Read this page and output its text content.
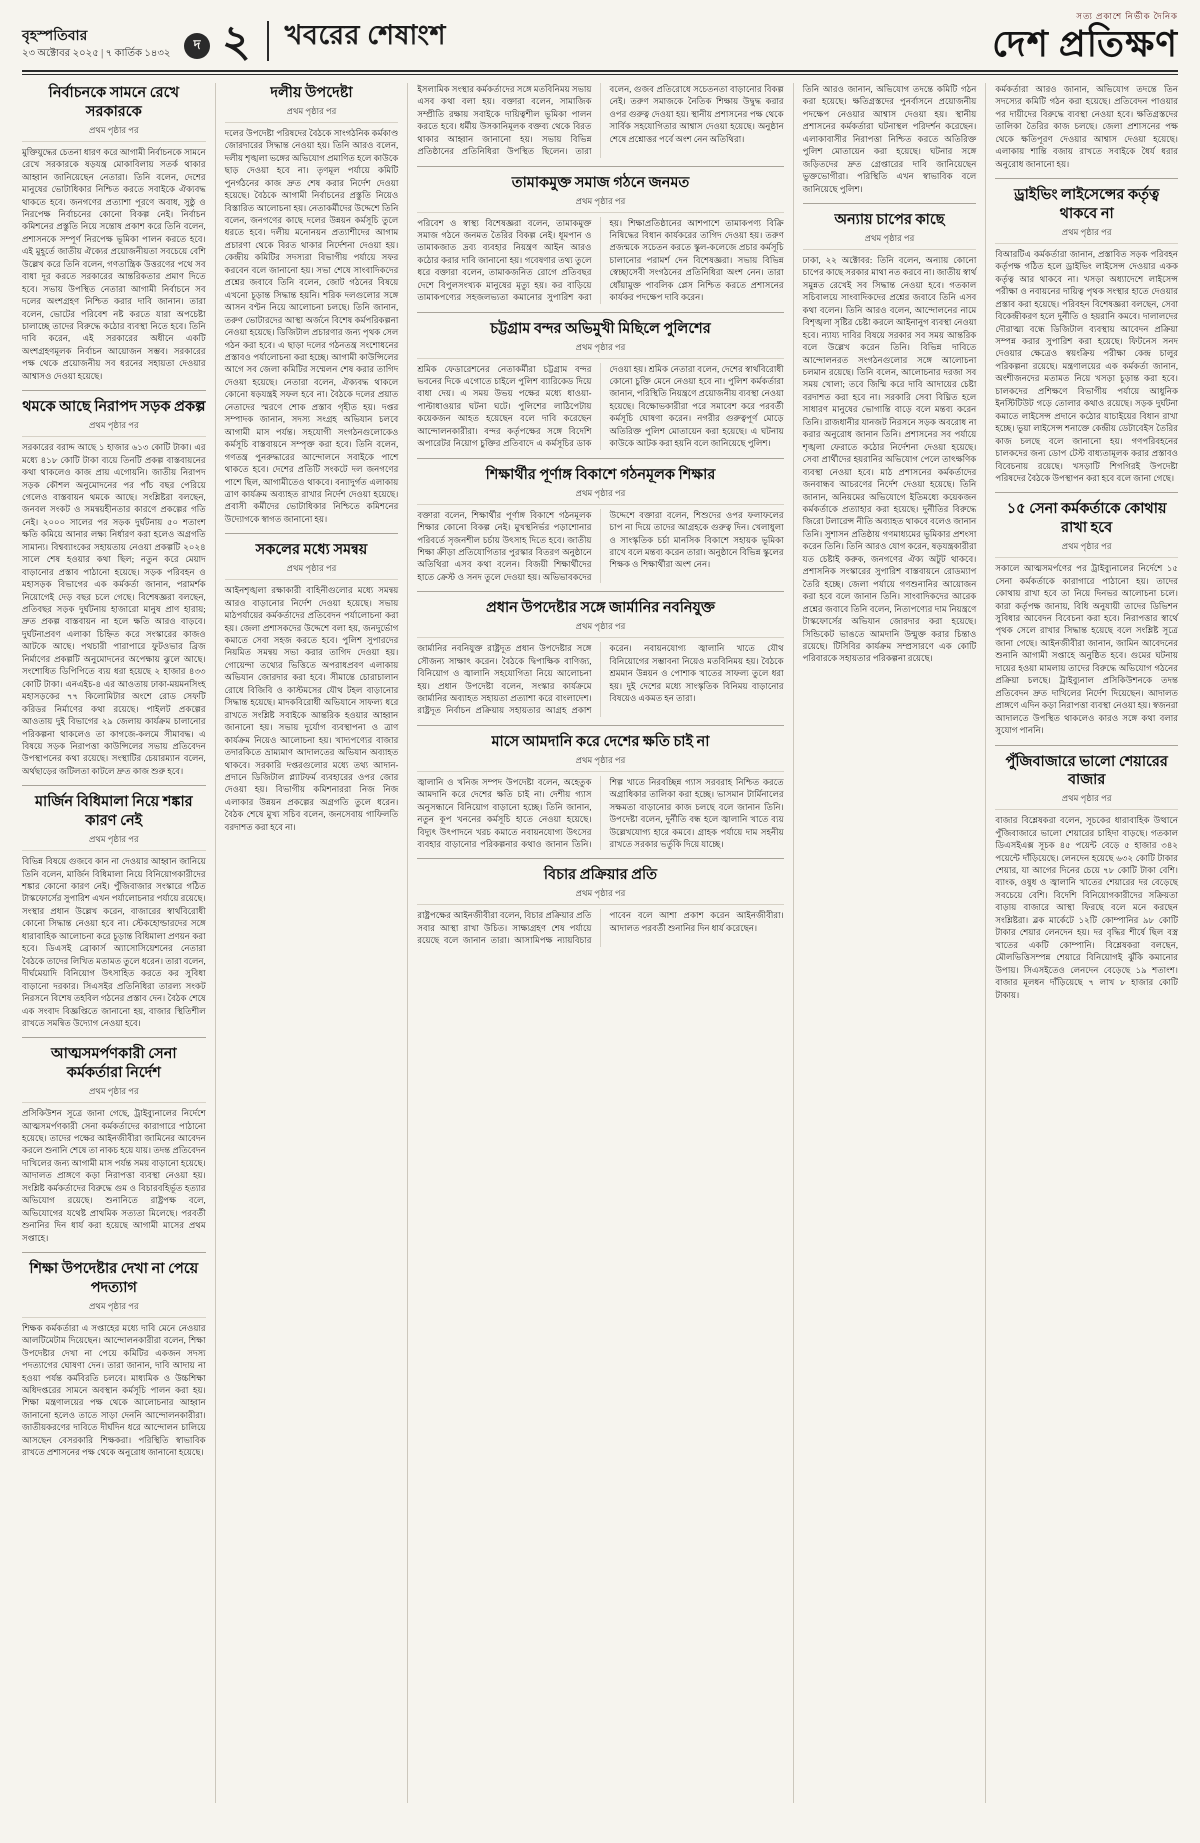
বৃহস্পতিবার
২৩ অক্টোবর ২০২৫ | ৭ কার্তিক ১৪৩২
দ ২ খবরের শেষাংশ
সত্য প্রকাশে নির্ভীক দৈনিক
দেশ প্রতিক্ষণ
নির্বাচনকে সামনে রেখে সরকারকে
প্রথম পৃষ্ঠার পর

মুক্তিযুদ্ধের চেতনা ধারণ করে আগামী নির্বাচনকে সামনে রেখে সরকারকে ষড়যন্ত্র মোকাবিলায় সতর্ক থাকার আহ্বান জানিয়েছেন নেতারা। তিনি বলেন, দেশের মানুষের ভোটাধিকার নিশ্চিত করতে সবাইকে ঐক্যবদ্ধ থাকতে হবে। জনগণের প্রত্যাশা পূরণে অবাধ, সুষ্ঠু ও নিরপেক্ষ নির্বাচনের কোনো বিকল্প নেই। নির্বাচন কমিশনের প্রস্তুতি নিয়ে সন্তোষ প্রকাশ করে তিনি বলেন, প্রশাসনকে সম্পূর্ণ নিরপেক্ষ ভূমিকা পালন করতে হবে। এই মুহূর্তে জাতীয় ঐক্যের প্রয়োজনীয়তা সবচেয়ে বেশি উল্লেখ করে তিনি বলেন, গণতান্ত্রিক উত্তরণের পথে সব বাধা দূর করতে সরকারের আন্তরিকতার প্রমাণ দিতে হবে। সভায় উপস্থিত নেতারা আগামী নির্বাচনে সব দলের অংশগ্রহণ নিশ্চিত করার দাবি জানান। তারা বলেন, ভোটের পরিবেশ নষ্ট করতে যারা অপচেষ্টা চালাচ্ছে তাদের বিরুদ্ধে কঠোর ব্যবস্থা নিতে হবে। তিনি দাবি করেন, এই সরকারের অধীনে একটি অংশগ্রহণমূলক নির্বাচন আয়োজন সম্ভব। সরকারের পক্ষ থেকে প্রয়োজনীয় সব ধরনের সহায়তা দেওয়ার আশ্বাসও দেওয়া হয়েছে।

থমকে আছে নিরাপদ সড়ক প্রকল্প
প্রথম পৃষ্ঠার পর

সরকারের বরাদ্দ আছে ১ হাজার ৬১৩ কোটি টাকা। এর মধ্যে ৪১৮ কোটি টাকা ব্যয়ে তিনটি প্রকল্প বাস্তবায়নের কথা থাকলেও কাজ প্রায় এগোয়নি। জাতীয় নিরাপদ সড়ক কৌশল অনুমোদনের পর পাঁচ বছর পেরিয়ে গেলেও বাস্তবায়ন থমকে আছে। সংশ্লিষ্টরা বলছেন, জনবল সংকট ও সমন্বয়হীনতার কারণে প্রকল্পের গতি নেই। ২০০০ সালের পর সড়ক দুর্ঘটনায় ৫০ শতাংশ ক্ষতি কমিয়ে আনার লক্ষ্য নির্ধারণ করা হলেও অগ্রগতি সামান্য। বিশ্বব্যাংকের সহায়তায় নেওয়া প্রকল্পটি ২০২৪ সালে শেষ হওয়ার কথা ছিল; নতুন করে মেয়াদ বাড়ানোর প্রস্তাব পাঠানো হয়েছে। সড়ক পরিবহন ও মহাসড়ক বিভাগের এক কর্মকর্তা জানান, পরামর্শক নিয়োগেই দেড় বছর চলে গেছে। বিশেষজ্ঞরা বলছেন, প্রতিবছর সড়ক দুর্ঘটনায় হাজারো মানুষ প্রাণ হারায়; দ্রুত প্রকল্প বাস্তবায়ন না হলে ক্ষতি আরও বাড়বে। দুর্ঘটনাপ্রবণ এলাকা চিহ্নিত করে সংস্কারের কাজও আটকে আছে। পথচারী পারাপারে ফুটওভার ব্রিজ নির্মাণের প্রকল্পটি অনুমোদনের অপেক্ষায় ঝুলে আছে। সংশোধিত ডিপিপিতে ব্যয় ধরা হয়েছে ২ হাজার ৪৩৩ কোটি টাকা। এনএইচ-৪ এর আওতায় ঢাকা-ময়মনসিংহ মহাসড়কের ৭৭ কিলোমিটার অংশে রোড সেফটি করিডর নির্মাণের কথা রয়েছে। পাইলট প্রকল্পের আওতায় দুই বিভাগের ২৯ জেলায় কার্যক্রম চালানোর পরিকল্পনা থাকলেও তা কাগজে-কলমে সীমাবদ্ধ। এ বিষয়ে সড়ক নিরাপত্তা কাউন্সিলের সভায় প্রতিবেদন উপস্থাপনের কথা রয়েছে। সংস্থাটির চেয়ারম্যান বলেন, অর্থছাড়ের জটিলতা কাটলে দ্রুত কাজ শুরু হবে।

মার্জিন বিধিমালা নিয়ে শঙ্কার কারণ নেই
প্রথম পৃষ্ঠার পর

বিভিন্ন বিষয়ে গুজবে কান না দেওয়ার আহ্বান জানিয়ে তিনি বলেন, মার্জিন বিধিমালা নিয়ে বিনিয়োগকারীদের শঙ্কার কোনো কারণ নেই। পুঁজিবাজার সংস্কারে গঠিত টাস্কফোর্সের সুপারিশ এখন পর্যালোচনার পর্যায়ে রয়েছে। সংস্থার প্রধান উল্লেখ করেন, বাজারের স্বার্থবিরোধী কোনো সিদ্ধান্ত নেওয়া হবে না। স্টেকহোল্ডারদের সঙ্গে ধারাবাহিক আলোচনা করে চূড়ান্ত বিধিমালা প্রণয়ন করা হবে। ডিএসই ব্রোকার্স অ্যাসোসিয়েশনের নেতারা বৈঠকে তাদের লিখিত মতামত তুলে ধরেন। তারা বলেন, দীর্ঘমেয়াদি বিনিয়োগ উৎসাহিত করতে কর সুবিধা বাড়ানো দরকার। সিএসইর প্রতিনিধিরা তারল্য সংকট নিরসনে বিশেষ তহবিল গঠনের প্রস্তাব দেন। বৈঠক শেষে এক সংবাদ বিজ্ঞপ্তিতে জানানো হয়, বাজার স্থিতিশীল রাখতে সমন্বিত উদ্যোগ নেওয়া হবে।

আত্মসমর্পণকারী সেনা কর্মকর্তারা নির্দেশ
প্রথম পৃষ্ঠার পর

প্রসিকিউশন সূত্রে জানা গেছে, ট্রাইব্যুনালের নির্দেশে আত্মসমর্পণকারী সেনা কর্মকর্তাদের কারাগারে পাঠানো হয়েছে। তাদের পক্ষের আইনজীবীরা জামিনের আবেদন করলে শুনানি শেষে তা নাকচ হয়ে যায়। তদন্ত প্রতিবেদন দাখিলের জন্য আগামী মাস পর্যন্ত সময় বাড়ানো হয়েছে। আদালত প্রাঙ্গণে কড়া নিরাপত্তা ব্যবস্থা নেওয়া হয়। সংশ্লিষ্ট কর্মকর্তাদের বিরুদ্ধে গুম ও বিচারবহির্ভূত হত্যার অভিযোগ রয়েছে। শুনানিতে রাষ্ট্রপক্ষ বলে, অভিযোগের যথেষ্ট প্রাথমিক সত্যতা মিলেছে। পরবর্তী শুনানির দিন ধার্য করা হয়েছে আগামী মাসের প্রথম সপ্তাহে।

শিক্ষা উপদেষ্টার দেখা না পেয়ে পদত্যাগ
প্রথম পৃষ্ঠার পর

শিক্ষক কর্মকর্তারা এ সপ্তাহের মধ্যে দাবি মেনে নেওয়ার আলটিমেটাম দিয়েছেন। আন্দোলনকারীরা বলেন, শিক্ষা উপদেষ্টার দেখা না পেয়ে কমিটির একজন সদস্য পদত্যাগের ঘোষণা দেন। তারা জানান, দাবি আদায় না হওয়া পর্যন্ত কর্মবিরতি চলবে। মাধ্যমিক ও উচ্চশিক্ষা অধিদপ্তরের সামনে অবস্থান কর্মসূচি পালন করা হয়। শিক্ষা মন্ত্রণালয়ের পক্ষ থেকে আলোচনার আহ্বান জানানো হলেও তাতে সাড়া দেননি আন্দোলনকারীরা। জাতীয়করণের দাবিতে দীর্ঘদিন ধরে আন্দোলন চালিয়ে আসছেন বেসরকারি শিক্ষকরা। পরিস্থিতি স্বাভাবিক রাখতে প্রশাসনের পক্ষ থেকে অনুরোধ জানানো হয়েছে।

দলীয় উপদেষ্টা
প্রথম পৃষ্ঠার পর

দলের উপদেষ্টা পরিষদের বৈঠকে সাংগঠনিক কর্মকাণ্ড জোরদারের সিদ্ধান্ত নেওয়া হয়। তিনি আরও বলেন, দলীয় শৃঙ্খলা ভঙ্গের অভিযোগ প্রমাণিত হলে কাউকে ছাড় দেওয়া হবে না। তৃণমূল পর্যায়ে কমিটি পুনর্গঠনের কাজ দ্রুত শেষ করার নির্দেশ দেওয়া হয়েছে। বৈঠকে আগামী নির্বাচনের প্রস্তুতি নিয়েও বিস্তারিত আলোচনা হয়। নেতাকর্মীদের উদ্দেশে তিনি বলেন, জনগণের কাছে দলের উন্নয়ন কর্মসূচি তুলে ধরতে হবে। দলীয় মনোনয়ন প্রত্যাশীদের আগাম প্রচারণা থেকে বিরত থাকার নির্দেশনা দেওয়া হয়। কেন্দ্রীয় কমিটির সদস্যরা বিভাগীয় পর্যায়ে সফর করবেন বলে জানানো হয়। সভা শেষে সাংবাদিকদের প্রশ্নের জবাবে তিনি বলেন, জোট গঠনের বিষয়ে এখনো চূড়ান্ত সিদ্ধান্ত হয়নি। শরিক দলগুলোর সঙ্গে আসন বণ্টন নিয়ে আলোচনা চলছে। তিনি জানান, তরুণ ভোটারদের আস্থা অর্জনে বিশেষ কর্মপরিকল্পনা নেওয়া হয়েছে। ডিজিটাল প্রচারণার জন্য পৃথক সেল গঠন করা হবে। এ ছাড়া দলের গঠনতন্ত্র সংশোধনের প্রস্তাবও পর্যালোচনা করা হচ্ছে। আগামী কাউন্সিলের আগে সব জেলা কমিটির সম্মেলন শেষ করার তাগিদ দেওয়া হয়েছে। নেতারা বলেন, ঐক্যবদ্ধ থাকলে কোনো ষড়যন্ত্রই সফল হবে না। বৈঠকে দলের প্রয়াত নেতাদের স্মরণে শোক প্রস্তাব গৃহীত হয়। দপ্তর সম্পাদক জানান, সদস্য সংগ্রহ অভিযান চলবে আগামী মাস পর্যন্ত। সহযোগী সংগঠনগুলোকেও কর্মসূচি বাস্তবায়নে সম্পৃক্ত করা হবে। তিনি বলেন, গণতন্ত্র পুনরুদ্ধারের আন্দোলনে সবাইকে পাশে থাকতে হবে। দেশের প্রতিটি সংকটে দল জনগণের পাশে ছিল, আগামীতেও থাকবে। বন্যাদুর্গত এলাকায় ত্রাণ কার্যক্রম অব্যাহত রাখার নির্দেশ দেওয়া হয়েছে। প্রবাসী কর্মীদের ভোটাধিকার নিশ্চিতে কমিশনের উদ্যোগকে স্বাগত জানানো হয়।

সকলের মধ্যে সমন্বয়
প্রথম পৃষ্ঠার পর

আইনশৃঙ্খলা রক্ষাকারী বাহিনীগুলোর মধ্যে সমন্বয় আরও বাড়ানোর নির্দেশ দেওয়া হয়েছে। সভায় মাঠপর্যায়ের কর্মকর্তাদের প্রতিবেদন পর্যালোচনা করা হয়। জেলা প্রশাসকদের উদ্দেশে বলা হয়, জনদুর্ভোগ কমাতে সেবা সহজ করতে হবে। পুলিশ সুপারদের নিয়মিত সমন্বয় সভা করার তাগিদ দেওয়া হয়। গোয়েন্দা তথ্যের ভিত্তিতে অপরাধপ্রবণ এলাকায় অভিযান জোরদার করা হবে। সীমান্তে চোরাচালান রোধে বিজিবি ও কাস্টমসের যৌথ টহল বাড়ানোর সিদ্ধান্ত হয়েছে। মাদকবিরোধী অভিযানে সাফল্য ধরে রাখতে সংশ্লিষ্ট সবাইকে আন্তরিক হওয়ার আহ্বান জানানো হয়। সভায় দুর্যোগ ব্যবস্থাপনা ও ত্রাণ কার্যক্রম নিয়েও আলোচনা হয়। খাদ্যপণ্যের বাজার তদারকিতে ভ্রাম্যমাণ আদালতের অভিযান অব্যাহত থাকবে। সরকারি দপ্তরগুলোর মধ্যে তথ্য আদান-প্রদানে ডিজিটাল প্ল্যাটফর্ম ব্যবহারের ওপর জোর দেওয়া হয়। বিভাগীয় কমিশনাররা নিজ নিজ এলাকার উন্নয়ন প্রকল্পের অগ্রগতি তুলে ধরেন। বৈঠক শেষে মুখ্য সচিব বলেন, জনসেবায় গাফিলতি বরদাশত করা হবে না।

ইসলামিক সংস্থার কর্মকর্তাদের সঙ্গে মতবিনিময় সভায় এসব কথা বলা হয়। বক্তারা বলেন, সামাজিক সম্প্রীতি রক্ষায় সবাইকে দায়িত্বশীল ভূমিকা পালন করতে হবে। ধর্মীয় উসকানিমূলক বক্তব্য থেকে বিরত থাকার আহ্বান জানানো হয়। সভায় বিভিন্ন প্রতিষ্ঠানের প্রতিনিধিরা উপস্থিত ছিলেন। তারা বলেন, গুজব প্রতিরোধে সচেতনতা বাড়ানোর বিকল্প নেই। তরুণ সমাজকে নৈতিক শিক্ষায় উদ্বুদ্ধ করার ওপর গুরুত্ব দেওয়া হয়। স্থানীয় প্রশাসনের পক্ষ থেকে সার্বিক সহযোগিতার আশ্বাস দেওয়া হয়েছে। অনুষ্ঠান শেষে প্রশ্নোত্তর পর্বে অংশ নেন অতিথিরা।

তামাকমুক্ত সমাজ গঠনে জনমত
প্রথম পৃষ্ঠার পর

পরিবেশ ও স্বাস্থ্য বিশেষজ্ঞরা বলেন, তামাকমুক্ত সমাজ গঠনে জনমত তৈরির বিকল্প নেই। ধূমপান ও তামাকজাত দ্রব্য ব্যবহার নিয়ন্ত্রণ আইন আরও কঠোর করার দাবি জানানো হয়। গবেষণার তথ্য তুলে ধরে বক্তারা বলেন, তামাকজনিত রোগে প্রতিবছর দেশে বিপুলসংখ্যক মানুষের মৃত্যু হয়। কর বাড়িয়ে তামাকপণ্যের সহজলভ্যতা কমানোর সুপারিশ করা হয়। শিক্ষাপ্রতিষ্ঠানের আশপাশে তামাকপণ্য বিক্রি নিষিদ্ধের বিধান কার্যকরের তাগিদ দেওয়া হয়। তরুণ প্রজন্মকে সচেতন করতে স্কুল-কলেজে প্রচার কর্মসূচি চালানোর পরামর্শ দেন বিশেষজ্ঞরা। সভায় বিভিন্ন স্বেচ্ছাসেবী সংগঠনের প্রতিনিধিরা অংশ নেন। তারা ধোঁয়ামুক্ত পাবলিক প্লেস নিশ্চিত করতে প্রশাসনের কার্যকর পদক্ষেপ দাবি করেন।

চট্টগ্রাম বন্দর অভিমুখী মিছিলে পুলিশের
প্রথম পৃষ্ঠার পর

শ্রমিক ফেডারেশনের নেতাকর্মীরা চট্টগ্রাম বন্দর ভবনের দিকে এগোতে চাইলে পুলিশ ব্যারিকেড দিয়ে বাধা দেয়। এ সময় উভয় পক্ষের মধ্যে ধাওয়া-পাল্টাধাওয়ার ঘটনা ঘটে। পুলিশের লাঠিপেটায় কয়েকজন আহত হয়েছেন বলে দাবি করেছেন আন্দোলনকারীরা। বন্দর কর্তৃপক্ষের সঙ্গে বিদেশি অপারেটর নিয়োগ চুক্তির প্রতিবাদে এ কর্মসূচির ডাক দেওয়া হয়। শ্রমিক নেতারা বলেন, দেশের স্বার্থবিরোধী কোনো চুক্তি মেনে নেওয়া হবে না। পুলিশ কর্মকর্তারা জানান, পরিস্থিতি নিয়ন্ত্রণে প্রয়োজনীয় ব্যবস্থা নেওয়া হয়েছে। বিক্ষোভকারীরা পরে সমাবেশ করে পরবর্তী কর্মসূচি ঘোষণা করেন। নগরীর গুরুত্বপূর্ণ মোড়ে অতিরিক্ত পুলিশ মোতায়েন করা হয়েছে। এ ঘটনায় কাউকে আটক করা হয়নি বলে জানিয়েছে পুলিশ।

শিক্ষার্থীর পূর্ণাঙ্গ বিকাশে গঠনমূলক শিক্ষার
প্রথম পৃষ্ঠার পর

বক্তারা বলেন, শিক্ষার্থীর পূর্ণাঙ্গ বিকাশে গঠনমূলক শিক্ষার কোনো বিকল্প নেই। মুখস্থনির্ভর পড়াশোনার পরিবর্তে সৃজনশীল চর্চায় উৎসাহ দিতে হবে। জাতীয় শিক্ষা ক্রীড়া প্রতিযোগিতার পুরস্কার বিতরণ অনুষ্ঠানে অতিথিরা এসব কথা বলেন। বিজয়ী শিক্ষার্থীদের হাতে ক্রেস্ট ও সনদ তুলে দেওয়া হয়। অভিভাবকদের উদ্দেশে বক্তারা বলেন, শিশুদের ওপর ফলাফলের চাপ না দিয়ে তাদের আগ্রহকে গুরুত্ব দিন। খেলাধুলা ও সাংস্কৃতিক চর্চা মানসিক বিকাশে সহায়ক ভূমিকা রাখে বলে মন্তব্য করেন তারা। অনুষ্ঠানে বিভিন্ন স্কুলের শিক্ষক ও শিক্ষার্থীরা অংশ নেন।

প্রধান উপদেষ্টার সঙ্গে জার্মানির নবনিযুক্ত
প্রথম পৃষ্ঠার পর

জার্মানির নবনিযুক্ত রাষ্ট্রদূত প্রধান উপদেষ্টার সঙ্গে সৌজন্য সাক্ষাৎ করেন। বৈঠকে দ্বিপাক্ষিক বাণিজ্য, বিনিয়োগ ও জ্বালানি সহযোগিতা নিয়ে আলোচনা হয়। প্রধান উপদেষ্টা বলেন, সংস্কার কার্যক্রমে জার্মানির অব্যাহত সহায়তা প্রত্যাশা করে বাংলাদেশ। রাষ্ট্রদূত নির্বাচন প্রক্রিয়ায় সহায়তার আগ্রহ প্রকাশ করেন। নবায়নযোগ্য জ্বালানি খাতে যৌথ বিনিয়োগের সম্ভাবনা নিয়েও মতবিনিময় হয়। বৈঠকে শ্রমমান উন্নয়ন ও পোশাক খাতের সাফল্য তুলে ধরা হয়। দুই দেশের মধ্যে সাংস্কৃতিক বিনিময় বাড়ানোর বিষয়েও একমত হন তারা।

মাসে আমদানি করে দেশের ক্ষতি চাই না
প্রথম পৃষ্ঠার পর

জ্বালানি ও খনিজ সম্পদ উপদেষ্টা বলেন, অহেতুক আমদানি করে দেশের ক্ষতি চাই না। দেশীয় গ্যাস অনুসন্ধানে বিনিয়োগ বাড়ানো হচ্ছে। তিনি জানান, নতুন কূপ খননের কর্মসূচি হাতে নেওয়া হয়েছে। বিদ্যুৎ উৎপাদনে খরচ কমাতে নবায়নযোগ্য উৎসের ব্যবহার বাড়ানোর পরিকল্পনার কথাও জানান তিনি। শিল্প খাতে নিরবচ্ছিন্ন গ্যাস সরবরাহ নিশ্চিত করতে অগ্রাধিকার তালিকা করা হচ্ছে। ভাসমান টার্মিনালের সক্ষমতা বাড়ানোর কাজ চলছে বলে জানান তিনি। উপদেষ্টা বলেন, দুর্নীতি বন্ধ হলে জ্বালানি খাতে ব্যয় উল্লেখযোগ্য হারে কমবে। গ্রাহক পর্যায়ে দাম সহনীয় রাখতে সরকার ভর্তুকি দিয়ে যাচ্ছে।

বিচার প্রক্রিয়ার প্রতি
প্রথম পৃষ্ঠার পর

রাষ্ট্রপক্ষের আইনজীবীরা বলেন, বিচার প্রক্রিয়ার প্রতি সবার আস্থা রাখা উচিত। সাক্ষ্যগ্রহণ শেষ পর্যায়ে রয়েছে বলে জানান তারা। আসামিপক্ষ ন্যায়বিচার পাবেন বলে আশা প্রকাশ করেন আইনজীবীরা। আদালত পরবর্তী শুনানির দিন ধার্য করেছেন।

তিনি আরও জানান, অভিযোগ তদন্তে কমিটি গঠন করা হয়েছে। ক্ষতিগ্রস্তদের পুনর্বাসনে প্রয়োজনীয় পদক্ষেপ নেওয়ার আশ্বাস দেওয়া হয়। স্থানীয় প্রশাসনের কর্মকর্তারা ঘটনাস্থল পরিদর্শন করেছেন। এলাকাবাসীর নিরাপত্তা নিশ্চিত করতে অতিরিক্ত পুলিশ মোতায়েন করা হয়েছে। ঘটনার সঙ্গে জড়িতদের দ্রুত গ্রেপ্তারের দাবি জানিয়েছেন ভুক্তভোগীরা। পরিস্থিতি এখন স্বাভাবিক বলে জানিয়েছে পুলিশ।

অন্যায় চাপের কাছে
প্রথম পৃষ্ঠার পর

ঢাকা, ২২ অক্টোবর: তিনি বলেন, অন্যায় কোনো চাপের কাছে সরকার মাথা নত করবে না। জাতীয় স্বার্থ সমুন্নত রেখেই সব সিদ্ধান্ত নেওয়া হবে। গতকাল সচিবালয়ে সাংবাদিকদের প্রশ্নের জবাবে তিনি এসব কথা বলেন। তিনি আরও বলেন, আন্দোলনের নামে বিশৃঙ্খলা সৃষ্টির চেষ্টা করলে আইনানুগ ব্যবস্থা নেওয়া হবে। ন্যায্য দাবির বিষয়ে সরকার সব সময় আন্তরিক বলে উল্লেখ করেন তিনি। বিভিন্ন দাবিতে আন্দোলনরত সংগঠনগুলোর সঙ্গে আলোচনা চলমান রয়েছে। তিনি বলেন, আলোচনার দরজা সব সময় খোলা; তবে জিম্মি করে দাবি আদায়ের চেষ্টা বরদাশত করা হবে না। সরকারি সেবা বিঘ্নিত হলে সাধারণ মানুষের ভোগান্তি বাড়ে বলে মন্তব্য করেন তিনি। রাজধানীর যানজট নিরসনে সড়ক অবরোধ না করার অনুরোধ জানান তিনি। প্রশাসনের সব পর্যায়ে শৃঙ্খলা ফেরাতে কঠোর নির্দেশনা দেওয়া হয়েছে। সেবা প্রার্থীদের হয়রানির অভিযোগ পেলে তাৎক্ষণিক ব্যবস্থা নেওয়া হবে। মাঠ প্রশাসনের কর্মকর্তাদের জনবান্ধব আচরণের নির্দেশ দেওয়া হয়েছে। তিনি জানান, অনিয়মের অভিযোগে ইতিমধ্যে কয়েকজন কর্মকর্তাকে প্রত্যাহার করা হয়েছে। দুর্নীতির বিরুদ্ধে জিরো টলারেন্স নীতি অব্যাহত থাকবে বলেও জানান তিনি। সুশাসন প্রতিষ্ঠায় গণমাধ্যমের ভূমিকার প্রশংসা করেন তিনি। তিনি আরও যোগ করেন, ষড়যন্ত্রকারীরা যত চেষ্টাই করুক, জনগণের ঐক্য অটুট থাকবে। প্রশাসনিক সংস্কারের সুপারিশ বাস্তবায়নে রোডম্যাপ তৈরি হচ্ছে। জেলা পর্যায়ে গণশুনানির আয়োজন করা হবে বলে জানান তিনি। সাংবাদিকদের আরেক প্রশ্নের জবাবে তিনি বলেন, নিত্যপণ্যের দাম নিয়ন্ত্রণে টাস্কফোর্সের অভিযান জোরদার করা হয়েছে। সিন্ডিকেট ভাঙতে আমদানি উন্মুক্ত করার চিন্তাও রয়েছে। টিসিবির কার্যক্রম সম্প্রসারণে এক কোটি পরিবারকে সহায়তার পরিকল্পনা রয়েছে।

কর্মকর্তারা আরও জানান, অভিযোগ তদন্তে তিন সদস্যের কমিটি গঠন করা হয়েছে। প্রতিবেদন পাওয়ার পর দায়ীদের বিরুদ্ধে ব্যবস্থা নেওয়া হবে। ক্ষতিগ্রস্তদের তালিকা তৈরির কাজ চলছে। জেলা প্রশাসনের পক্ষ থেকে ক্ষতিপূরণ দেওয়ার আশ্বাস দেওয়া হয়েছে। এলাকায় শান্তি বজায় রাখতে সবাইকে ধৈর্য ধরার অনুরোধ জানানো হয়।

ড্রাইভিং লাইসেন্সের কর্তৃত্ব থাকবে না
প্রথম পৃষ্ঠার পর

বিআরটিএ কর্মকর্তারা জানান, প্রস্তাবিত সড়ক পরিবহন কর্তৃপক্ষ গঠিত হলে ড্রাইভিং লাইসেন্স দেওয়ার একক কর্তৃত্ব আর থাকবে না। খসড়া অধ্যাদেশে লাইসেন্স পরীক্ষা ও নবায়নের দায়িত্ব পৃথক সংস্থার হাতে দেওয়ার প্রস্তাব করা হয়েছে। পরিবহন বিশেষজ্ঞরা বলছেন, সেবা বিকেন্দ্রীকরণ হলে দুর্নীতি ও হয়রানি কমবে। দালালদের দৌরাত্ম্য বন্ধে ডিজিটাল ব্যবস্থায় আবেদন প্রক্রিয়া সম্পন্ন করার সুপারিশ করা হয়েছে। ফিটনেস সনদ দেওয়ার ক্ষেত্রেও স্বয়ংক্রিয় পরীক্ষা কেন্দ্র চালুর পরিকল্পনা রয়েছে। মন্ত্রণালয়ের এক কর্মকর্তা জানান, অংশীজনদের মতামত নিয়ে খসড়া চূড়ান্ত করা হবে। চালকদের প্রশিক্ষণে বিভাগীয় পর্যায়ে আধুনিক ইনস্টিটিউট গড়ে তোলার কথাও রয়েছে। সড়ক দুর্ঘটনা কমাতে লাইসেন্স প্রদানে কঠোর যাচাইয়ের বিধান রাখা হচ্ছে। ভুয়া লাইসেন্স শনাক্তে কেন্দ্রীয় ডেটাবেইস তৈরির কাজ চলছে বলে জানানো হয়। গণপরিবহনের চালকদের জন্য ডোপ টেস্ট বাধ্যতামূলক করার প্রস্তাবও বিবেচনায় রয়েছে। খসড়াটি শিগগিরই উপদেষ্টা পরিষদের বৈঠকে উপস্থাপন করা হবে বলে জানা গেছে।

১৫ সেনা কর্মকর্তাকে কোথায় রাখা হবে
প্রথম পৃষ্ঠার পর

সকালে আত্মসমর্পণের পর ট্রাইব্যুনালের নির্দেশে ১৫ সেনা কর্মকর্তাকে কারাগারে পাঠানো হয়। তাদের কোথায় রাখা হবে তা নিয়ে দিনভর আলোচনা চলে। কারা কর্তৃপক্ষ জানায়, বিধি অনুযায়ী তাদের ডিভিশন সুবিধার আবেদন বিবেচনা করা হবে। নিরাপত্তার স্বার্থে পৃথক সেলে রাখার সিদ্ধান্ত হয়েছে বলে সংশ্লিষ্ট সূত্রে জানা গেছে। আইনজীবীরা জানান, জামিন আবেদনের শুনানি আগামী সপ্তাহে অনুষ্ঠিত হবে। গুমের ঘটনায় দায়ের হওয়া মামলায় তাদের বিরুদ্ধে অভিযোগ গঠনের প্রক্রিয়া চলছে। ট্রাইব্যুনাল প্রসিকিউশনকে তদন্ত প্রতিবেদন দ্রুত দাখিলের নির্দেশ দিয়েছেন। আদালত প্রাঙ্গণে এদিন কড়া নিরাপত্তা ব্যবস্থা নেওয়া হয়। স্বজনরা আদালতে উপস্থিত থাকলেও কারও সঙ্গে কথা বলার সুযোগ পাননি।

পুঁজিবাজারে ভালো শেয়ারের বাজার
প্রথম পৃষ্ঠার পর

বাজার বিশ্লেষকরা বলেন, সূচকের ধারাবাহিক উত্থানে পুঁজিবাজারে ভালো শেয়ারের চাহিদা বাড়ছে। গতকাল ডিএসইএক্স সূচক ৪৫ পয়েন্ট বেড়ে ৫ হাজার ৩৪২ পয়েন্টে দাঁড়িয়েছে। লেনদেন হয়েছে ৬৩২ কোটি টাকার শেয়ার, যা আগের দিনের চেয়ে ৭৮ কোটি টাকা বেশি। ব্যাংক, ওষুধ ও জ্বালানি খাতের শেয়ারের দর বেড়েছে সবচেয়ে বেশি। বিদেশি বিনিয়োগকারীদের সক্রিয়তা বাড়ায় বাজারে আস্থা ফিরছে বলে মনে করছেন সংশ্লিষ্টরা। ব্লক মার্কেটে ১২টি কোম্পানির ৯৮ কোটি টাকার শেয়ার লেনদেন হয়। দর বৃদ্ধির শীর্ষে ছিল বস্ত্র খাতের একটি কোম্পানি। বিশ্লেষকরা বলছেন, মৌলভিত্তিসম্পন্ন শেয়ারে বিনিয়োগই ঝুঁকি কমানোর উপায়। সিএসইতেও লেনদেন বেড়েছে ১৯ শতাংশ। বাজার মূলধন দাঁড়িয়েছে ৭ লাখ ৮ হাজার কোটি টাকায়।
